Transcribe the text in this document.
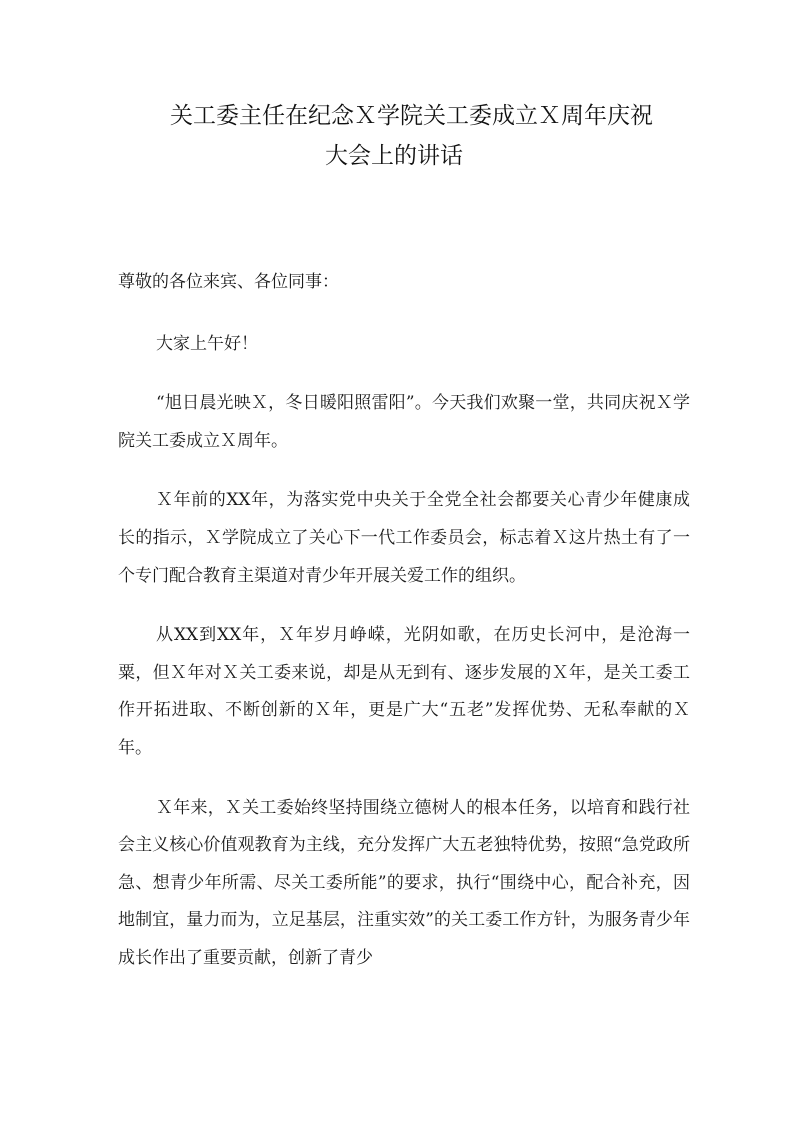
关工委主任在纪念Ｘ学院关工委成立Ｘ周年庆祝
大会上的讲话

尊敬的各位来宾、各位同事：

大家上午好！

“旭日晨光映Ｘ，冬日暖阳照雷阳”。今天我们欢聚一堂，共同庆祝Ｘ学院关工委成立Ｘ周年。

Ｘ年前的XX年，为落实党中央关于全党全社会都要关心青少年健康成长的指示，Ｘ学院成立了关心下一代工作委员会，标志着Ｘ这片热土有了一个专门配合教育主渠道对青少年开展关爱工作的组织。

从XX到XX年，Ｘ年岁月峥嵘，光阴如歌，在历史长河中，是沧海一粟，但Ｘ年对Ｘ关工委来说，却是从无到有、逐步发展的Ｘ年，是关工委工作开拓进取、不断创新的Ｘ年，更是广大“五老”发挥优势、无私奉献的Ｘ年。

Ｘ年来，Ｘ关工委始终坚持围绕立德树人的根本任务，以培育和践行社会主义核心价值观教育为主线，充分发挥广大五老独特优势，按照“急党政所急、想青少年所需、尽关工委所能”的要求，执行“围绕中心，配合补充，因地制宜，量力而为，立足基层，注重实效”的关工委工作方针，为服务青少年成长作出了重要贡献，创新了青少
